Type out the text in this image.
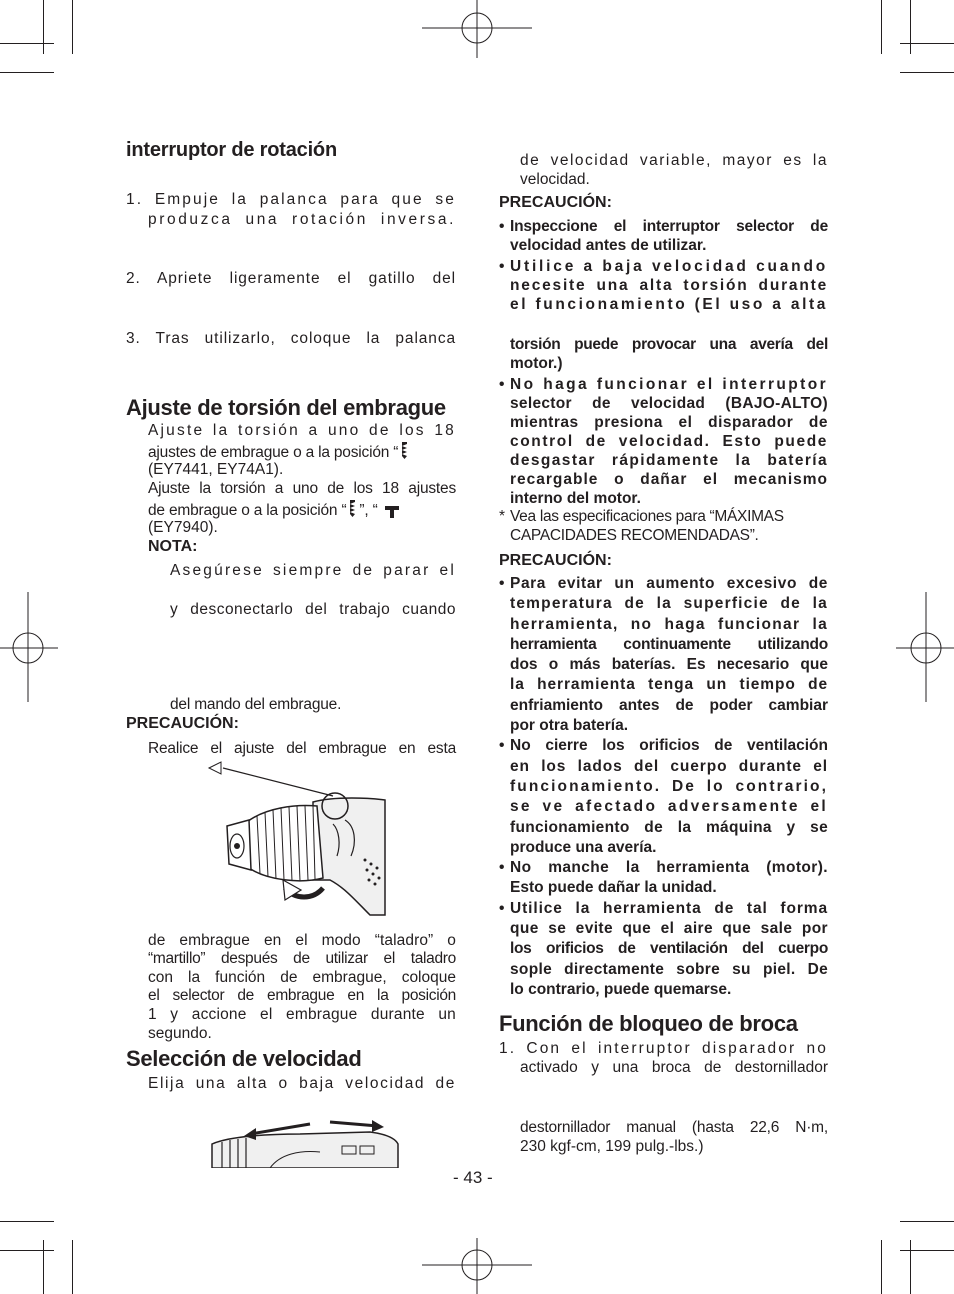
interruptor de rotación
1. Empuje la palanca para que se
produzca una rotación inversa.
2. Apriete ligeramente el gatillo del
3. Tras utilizarlo, coloque la palanca
Ajuste de torsión del embrague
Ajuste la torsión a uno de los 18
ajustes de embrague o a la posición “
(EY7441, EY74A1).
Ajuste la torsión a uno de los 18 ajustes
de embrague o a la posición “ ”, “
(EY7940).
NOTA:
Asegúrese siempre de parar el
y desconectarlo del trabajo cuando
del mando del embrague.
PRECAUCIÓN:
Realice el ajuste del embrague en esta
de embrague en el modo “taladro” o
“martillo” después de utilizar el taladro
con la función de embrague, coloque
el selector de embrague en la posición
1 y accione el embrague durante un
segundo.
Selección de velocidad
Elija una alta o baja velocidad de
de velocidad variable, mayor es la
velocidad.
PRECAUCIÓN:
• Inspeccione el interruptor selector de
velocidad antes de utilizar.
• Utilice a baja velocidad cuando
necesite una alta torsión durante
el funcionamiento (El uso a alta
torsión puede provocar una avería del
motor.)
• No haga funcionar el interruptor
selector de velocidad (BAJO-ALTO)
mientras presiona el disparador de
control de velocidad. Esto puede
desgastar rápidamente la batería
recargable o dañar el mecanismo
interno del motor.
* Vea las especificaciones para “MÁXIMAS
CAPACIDADES RECOMENDADAS”.
PRECAUCIÓN:
• Para evitar un aumento excesivo de
temperatura de la superficie de la
herramienta, no haga funcionar la
herramienta continuamente utilizando
dos o más baterías. Es necesario que
la herramienta tenga un tiempo de
enfriamiento antes de poder cambiar
por otra batería.
• No cierre los orificios de ventilación
en los lados del cuerpo durante el
funcionamiento. De lo contrario,
se ve afectado adversamente el
funcionamiento de la máquina y se
produce una avería.
• No manche la herramienta (motor).
Esto puede dañar la unidad.
• Utilice la herramienta de tal forma
que se evite que el aire que sale por
los orificios de ventilación del cuerpo
sople directamente sobre su piel. De
lo contrario, puede quemarse.
Función de bloqueo de broca
1. Con el interruptor disparador no
activado y una broca de destornillador
destornillador manual (hasta 22,6 N·m,
230 kgf-cm, 199 pulg.-lbs.)
- 43 -
